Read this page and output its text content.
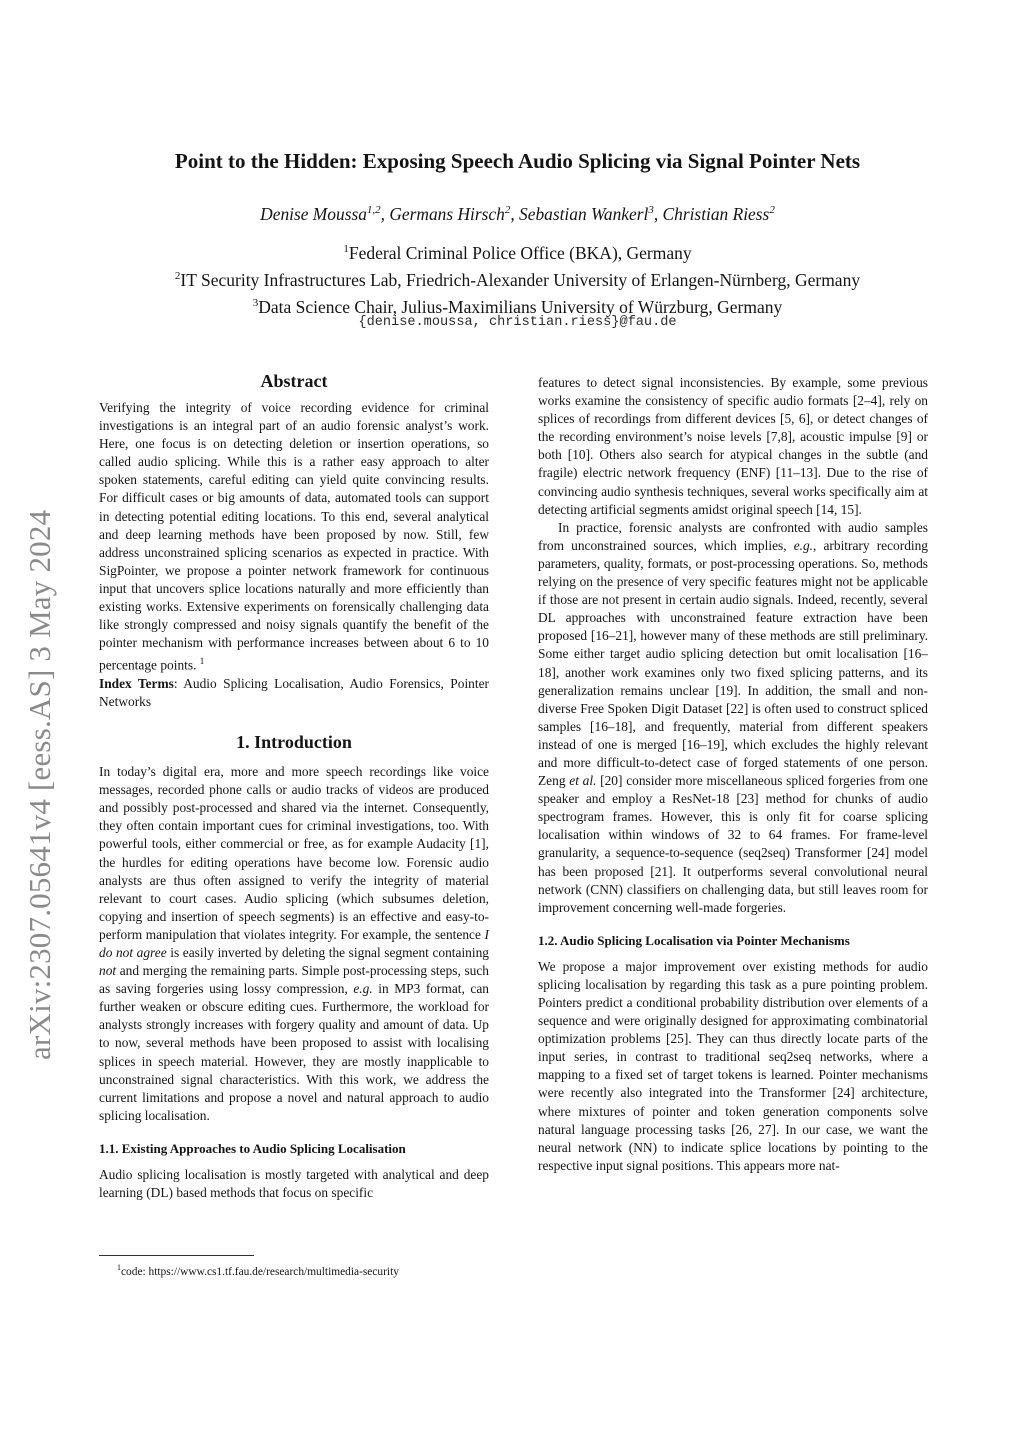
arXiv:2307.05641v4 [eess.AS] 3 May 2024
Point to the Hidden: Exposing Speech Audio Splicing via Signal Pointer Nets
Denise Moussa$^{1,2}$, Germans Hirsch$^2$, Sebastian Wankerl$^3$, Christian Riess$^2$
$^1$Federal Criminal Police Office (BKA), Germany
$^2$IT Security Infrastructures Lab, Friedrich-Alexander University of Erlangen-Nürnberg, Germany
$^3$Data Science Chair, Julius-Maximilians University of Würzburg, Germany
{denise.moussa, christian.riess}@fau.de
Abstract

Verifying the integrity of voice recording evidence for criminal investigations is an integral part of an audio forensic analyst’s work. Here, one focus is on detecting deletion or insertion operations, so called audio splicing. While this is a rather easy approach to alter spoken statements, careful editing can yield quite convincing results. For difficult cases or big amounts of data, automated tools can support in detecting potential editing locations. To this end, several analytical and deep learning methods have been proposed by now. Still, few address unconstrained splicing scenarios as expected in practice. With SigPointer, we propose a pointer network framework for continuous input that uncovers splice locations naturally and more efficiently than existing works. Extensive experiments on forensically challenging data like strongly compressed and noisy signals quantify the benefit of the pointer mechanism with performance increases between about 6 to 10 percentage points. $^1$

Index Terms: Audio Splicing Localisation, Audio Forensics, Pointer Networks

1. Introduction

In today’s digital era, more and more speech recordings like voice messages, recorded phone calls or audio tracks of videos are produced and possibly post-processed and shared via the internet. Consequently, they often contain important cues for criminal investigations, too. With powerful tools, either commercial or free, as for example Audacity [1], the hurdles for editing operations have become low. Forensic audio analysts are thus often assigned to verify the integrity of material relevant to court cases. Audio splicing (which subsumes deletion, copying and insertion of speech segments) is an effective and easy-to-perform manipulation that violates integrity. For example, the sentence I do not agree is easily inverted by deleting the signal segment containing not and merging the remaining parts. Simple post-processing steps, such as saving forgeries using lossy compression, e.g. in MP3 format, can further weaken or obscure editing cues. Furthermore, the workload for analysts strongly increases with forgery quality and amount of data. Up to now, several methods have been proposed to assist with localising splices in speech material. However, they are mostly inapplicable to unconstrained signal characteristics. With this work, we address the current limitations and propose a novel and natural approach to audio splicing localisation.

1.1. Existing Approaches to Audio Splicing Localisation

Audio splicing localisation is mostly targeted with analytical and deep learning (DL) based methods that focus on specific

$^1$code: https://www.cs1.tf.fau.de/research/multimedia-security

features to detect signal inconsistencies. By example, some previous works examine the consistency of specific audio formats [2–4], rely on splices of recordings from different devices [5, 6], or detect changes of the recording environment’s noise levels [7,8], acoustic impulse [9] or both [10]. Others also search for atypical changes in the subtle (and fragile) electric network frequency (ENF) [11–13]. Due to the rise of convincing audio synthesis techniques, several works specifically aim at detecting artificial segments amidst original speech [14, 15].

In practice, forensic analysts are confronted with audio samples from unconstrained sources, which implies, e.g., arbitrary recording parameters, quality, formats, or post-processing operations. So, methods relying on the presence of very specific features might not be applicable if those are not present in certain audio signals. Indeed, recently, several DL approaches with unconstrained feature extraction have been proposed [16–21], however many of these methods are still preliminary. Some either target audio splicing detection but omit localisation [16–18], another work examines only two fixed splicing patterns, and its generalization remains unclear [19]. In addition, the small and non-diverse Free Spoken Digit Dataset [22] is often used to construct spliced samples [16–18], and frequently, material from different speakers instead of one is merged [16–19], which excludes the highly relevant and more difficult-to-detect case of forged statements of one person. Zeng et al. [20] consider more miscellaneous spliced forgeries from one speaker and employ a ResNet-18 [23] method for chunks of audio spectrogram frames. However, this is only fit for coarse splicing localisation within windows of 32 to 64 frames. For frame-level granularity, a sequence-to-sequence (seq2seq) Transformer [24] model has been proposed [21]. It outperforms several convolutional neural network (CNN) classifiers on challenging data, but still leaves room for improvement concerning well-made forgeries.

1.2. Audio Splicing Localisation via Pointer Mechanisms

We propose a major improvement over existing methods for audio splicing localisation by regarding this task as a pure pointing problem. Pointers predict a conditional probability distribution over elements of a sequence and were originally designed for approximating combinatorial optimization problems [25]. They can thus directly locate parts of the input series, in contrast to traditional seq2seq networks, where a mapping to a fixed set of target tokens is learned. Pointer mechanisms were recently also integrated into the Transformer [24] architecture, where mixtures of pointer and token generation components solve natural language processing tasks [26, 27]. In our case, we want the neural network (NN) to indicate splice locations by pointing to the respective input signal positions. This appears more nat-
